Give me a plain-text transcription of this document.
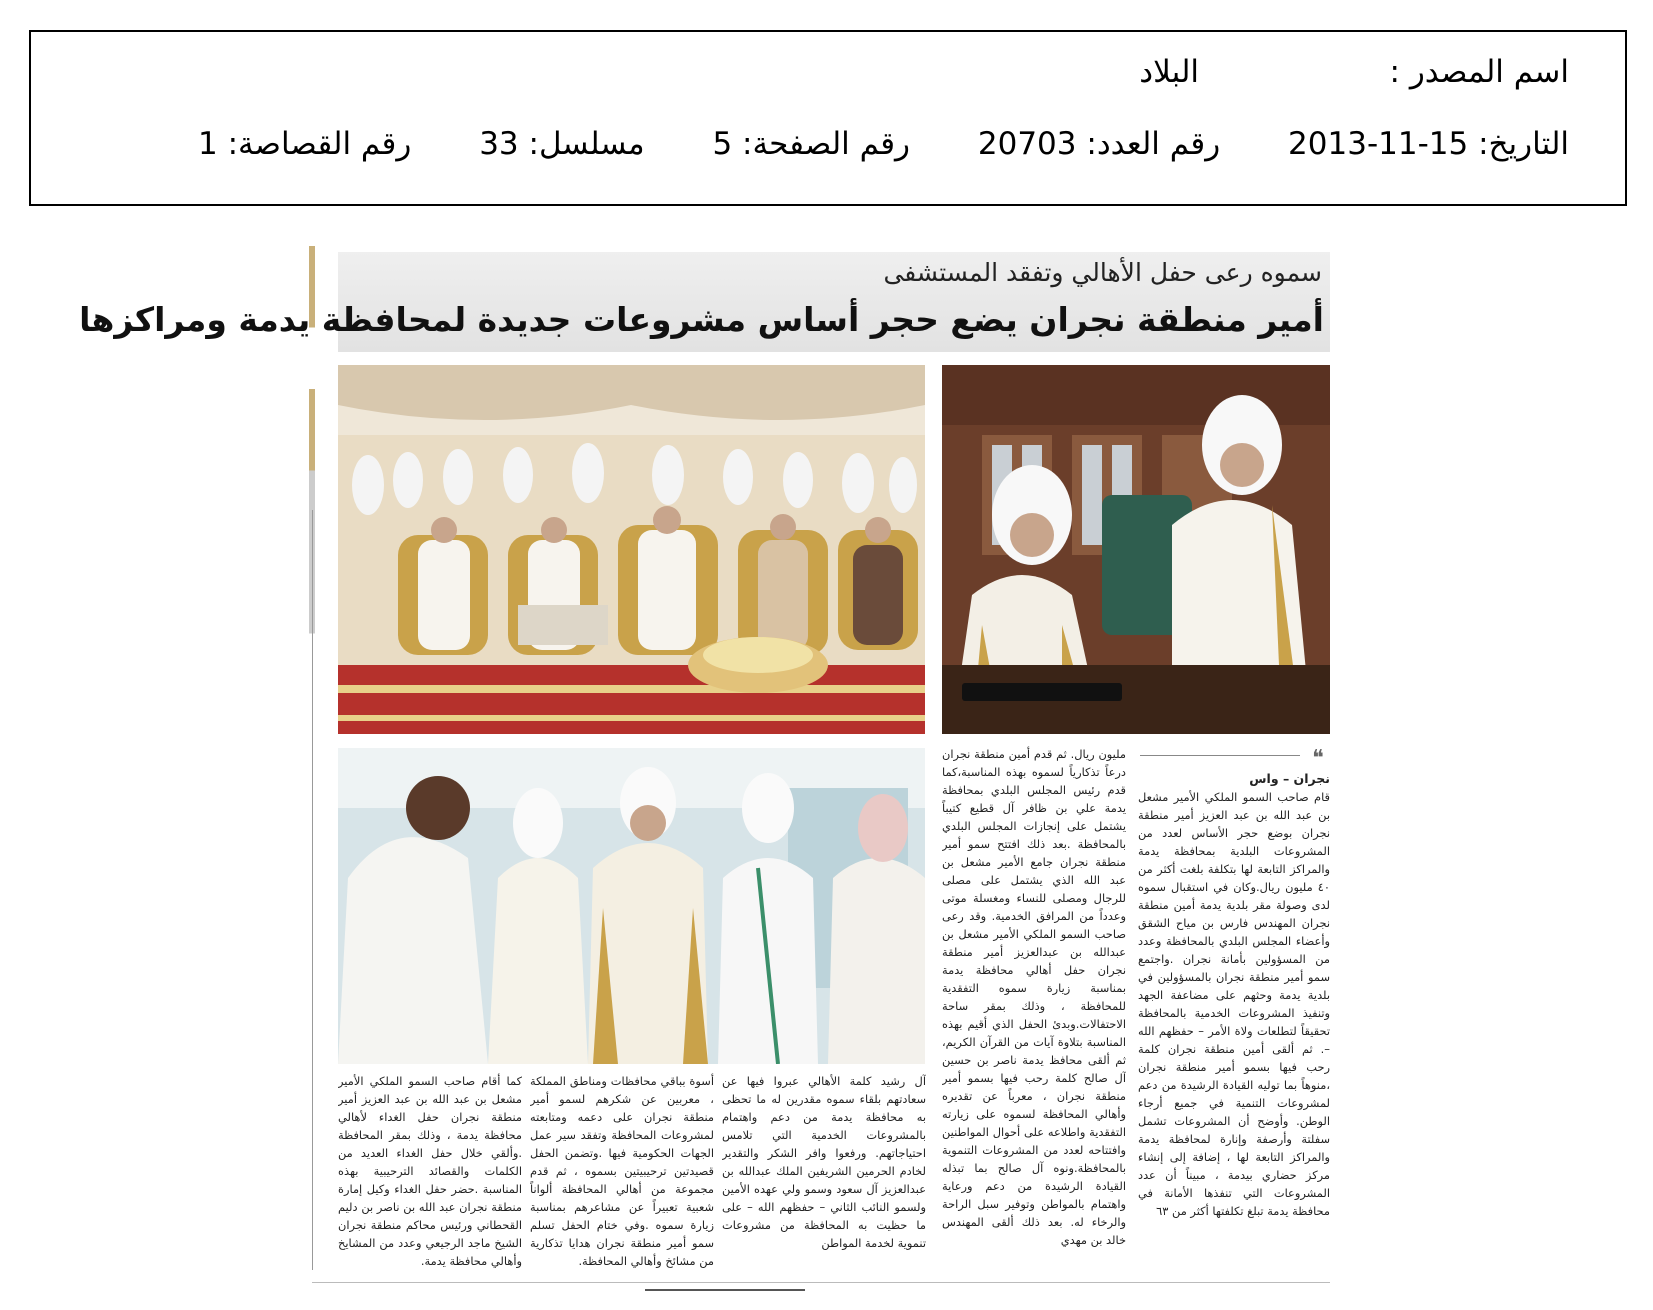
اسم المصدر :
البلاد
التاريخ: 15-11-2013 رقم العدد: 20703 رقم الصفحة: 5 مسلسل: 33 رقم القصاصة: 1
سموه رعى حفل الأهالي وتفقد المستشفى
أمير منطقة نجران يضع حجر أساس مشروعات جديدة لمحافظة يدمة ومراكزها
❝

نجران – واس

قام صاحب السمو الملكي الأمير مشعل بن عبد الله بن عبد العزيز أمير منطقة نجران بوضع حجر الأساس لعدد من المشروعات البلدية بمحافظة يدمة والمراكز التابعة لها بتكلفة بلغت أكثر من ٤٠ مليون ريال.وكان في استقبال سموه لدى وصولة مقر بلدية يدمة أمين منطقة نجران المهندس فارس بن مياح الشقق وأعضاء المجلس البلدي بالمحافظة وعدد من المسؤولين بأمانة نجران .واجتمع سمو أمير منطقة نجران بالمسؤولين في بلدية يدمة وحثهم على مضاعفة الجهد وتنفيذ المشروعات الخدمية بالمحافظة تحقيقاً لتطلعات ولاة الأمر – حفظهم الله –. ثم ألقى أمين منطقة نجران كلمة رحب فيها بسمو أمير منطقة نجران ،منوهاً بما توليه القيادة الرشيدة من دعم لمشروعات التنمية في جميع أرجاء الوطن. وأوضح أن المشروعات تشمل سفلتة وأرصفة وإنارة لمحافظة يدمة والمراكز التابعة لها ، إضافة إلى إنشاء مركز حضاري بيدمة ، مبيناً أن عدد المشروعات التي تنفذها الأمانة في محافظة يدمة تبلغ تكلفتها أكثر من ٦٣

مليون ريال. ثم قدم أمين منطقة نجران درعاً تذكارياً لسموه بهذه المناسبة،كما قدم رئيس المجلس البلدي بمحافظة يدمة علي بن ظافر آل قطيع كتيباً يشتمل على إنجازات المجلس البلدي بالمحافظة .بعد ذلك افتتح سمو أمير منطقة نجران جامع الأمير مشعل بن عبد الله الذي يشتمل على مصلى للرجال ومصلى للنساء ومغسلة موتى وعدداً من المرافق الخدمية. وقد رعى صاحب السمو الملكي الأمير مشعل بن عبدالله بن عبدالعزيز أمير منطقة نجران حفل أهالي محافظة يدمة بمناسبة زيارة سموه التفقدية للمحافظة ، وذلك بمقر ساحة الاحتفالات.وبدئ الحفل الذي أقيم بهذه المناسبة بتلاوة آيات من القرآن الكريم، ثم ألقى محافظ يدمة ناصر بن حسين آل صالح كلمة رحب فيها بسمو أمير منطقة نجران ، معرباً عن تقديره وأهالي المحافظة لسموه على زيارته التفقدية واطلاعه على أحوال المواطنين وافتتاحه لعدد من المشروعات التنموية بالمحافظة.ونوه آل صالح بما تبذله القيادة الرشيدة من دعم ورعاية واهتمام بالمواطن وتوفير سبل الراحة والرخاء له. بعد ذلك ألقى المهندس خالد بن مهدي

آل رشيد كلمة الأهالي عبروا فيها عن سعادتهم بلقاء سموه مقدرين له ما تحظى به محافظة يدمة من دعم واهتمام بالمشروعات الخدمية التي تلامس احتياجاتهم. ورفعوا وافر الشكر والتقدير لخادم الحرمين الشريفين الملك عبدالله بن عبدالعزيز آل سعود وسمو ولي عهده الأمين ولسمو النائب الثاني – حفظهم الله – على ما حظيت به المحافظة من مشروعات تنموية لخدمة المواطن

أسوة بباقي محافظات ومناطق المملكة ، معربين عن شكرهم لسمو أمير منطقة نجران على دعمه ومتابعته لمشروعات المحافظة وتفقد سير عمل الجهات الحكومية فيها .وتضمن الحفل قصيدتين ترحيبيتين بسموه ، ثم قدم مجموعة من أهالي المحافظة ألواناً شعبية تعبيراً عن مشاعرهم بمناسبة زيارة سموه .وفي ختام الحفل تسلم سمو أمير منطقة نجران هدايا تذكارية من مشائخ وأهالي المحافظة.

كما أقام صاحب السمو الملكي الأمير مشعل بن عبد الله بن عبد العزيز أمير منطقة نجران حفل الغداء لأهالي محافظة يدمة ، وذلك بمقر المحافظة .وألقي خلال حفل الغداء العديد من الكلمات والقصائد الترحيبية بهذه المناسبة .حضر حفل الغداء وكيل إمارة منطقة نجران عبد الله بن ناصر بن دليم القحطاني ورئيس محاكم منطقة نجران الشيخ ماجد الرجيعي وعدد من المشايخ وأهالي محافظة يدمة.
